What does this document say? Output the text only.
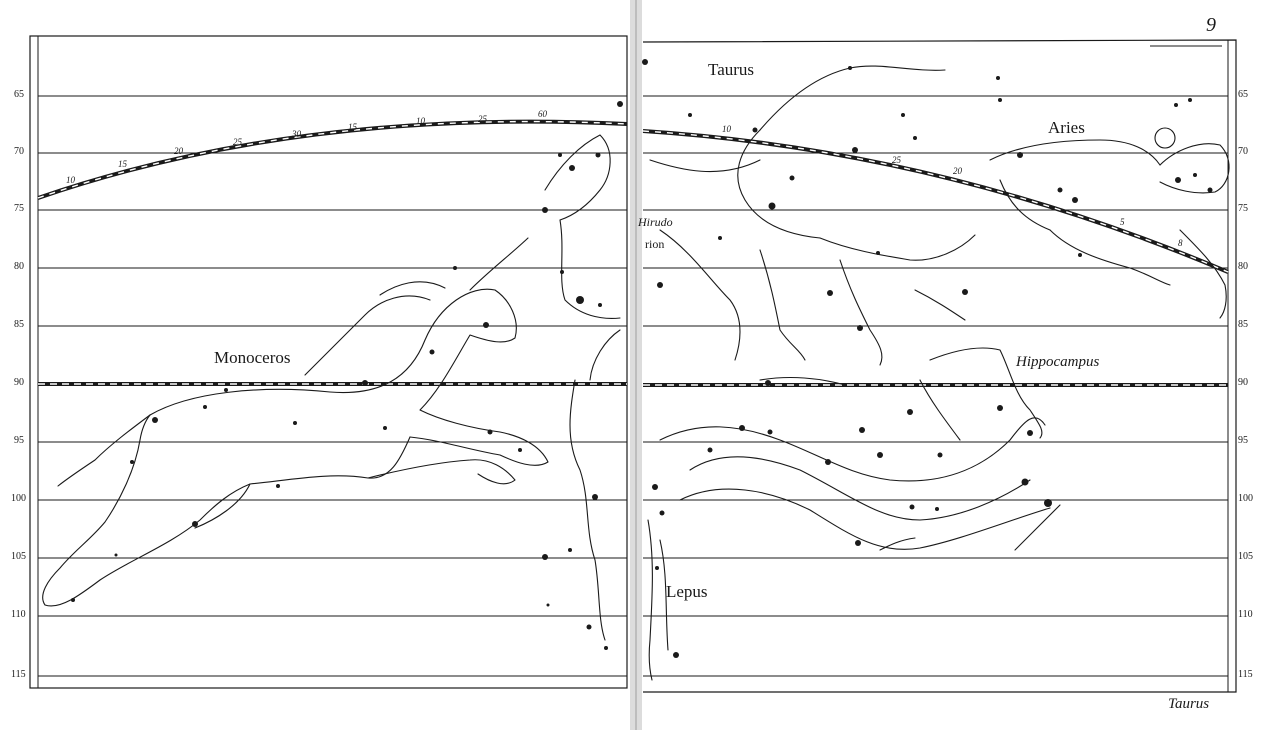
9
Taurus
Taurus
Aries
Monoceros	Hippocampus
Lepus
Hirudo
rion
65
70
75
80
85
90
95
100
105
110
115
65
70
75
80
85
90
95
100
105
110
115
10
15
20
25
30
15
10	25	60
10
25
20
5
8
